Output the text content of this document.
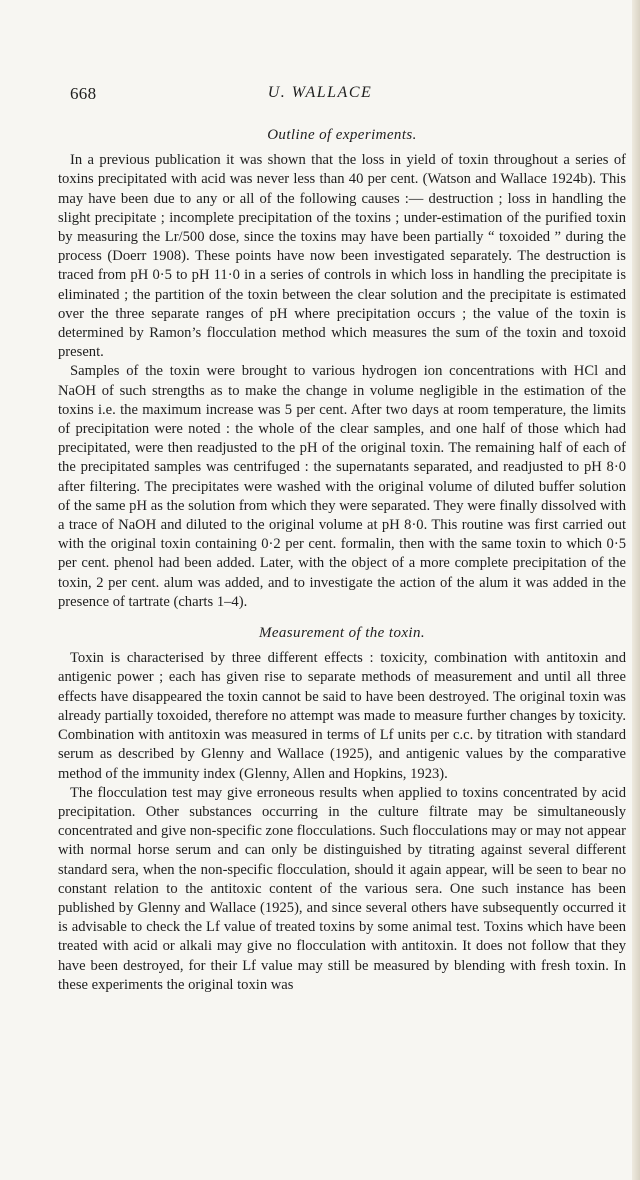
668	U. WALLACE
Outline of experiments.

In a previous publication it was shown that the loss in yield of toxin throughout a series of toxins precipitated with acid was never less than 40 per cent. (Watson and Wallace 1924b). This may have been due to any or all of the following causes :— destruction ; loss in handling the slight precipitate ; incomplete precipitation of the toxins ; under-estimation of the purified toxin by measuring the Lr/500 dose, since the toxins may have been partially “ toxoided ” during the process (Doerr 1908). These points have now been investigated separately. The destruction is traced from pH 0·5 to pH 11·0 in a series of controls in which loss in handling the precipitate is eliminated ; the partition of the toxin between the clear solution and the precipitate is estimated over the three separate ranges of pH where precipitation occurs ; the value of the toxin is determined by Ramon’s flocculation method which measures the sum of the toxin and toxoid present.

Samples of the toxin were brought to various hydrogen ion concentrations with HCl and NaOH of such strengths as to make the change in volume negligible in the estimation of the toxins i.e. the maximum increase was 5 per cent. After two days at room temperature, the limits of precipitation were noted : the whole of the clear samples, and one half of those which had precipitated, were then readjusted to the pH of the original toxin. The remaining half of each of the precipitated samples was centrifuged : the supernatants separated, and readjusted to pH 8·0 after filtering. The precipitates were washed with the original volume of diluted buffer solution of the same pH as the solution from which they were separated. They were finally dissolved with a trace of NaOH and diluted to the original volume at pH 8·0. This routine was first carried out with the original toxin containing 0·2 per cent. formalin, then with the same toxin to which 0·5 per cent. phenol had been added. Later, with the object of a more complete precipitation of the toxin, 2 per cent. alum was added, and to investigate the action of the alum it was added in the presence of tartrate (charts 1–4).

Measurement of the toxin.

Toxin is characterised by three different effects : toxicity, combination with antitoxin and antigenic power ; each has given rise to separate methods of measurement and until all three effects have disappeared the toxin cannot be said to have been destroyed. The original toxin was already partially toxoided, therefore no attempt was made to measure further changes by toxicity. Combination with antitoxin was measured in terms of Lf units per c.c. by titration with standard serum as described by Glenny and Wallace (1925), and antigenic values by the comparative method of the immunity index (Glenny, Allen and Hopkins, 1923).

The flocculation test may give erroneous results when applied to toxins concentrated by acid precipitation. Other substances occurring in the culture filtrate may be simultaneously concentrated and give non-specific zone flocculations. Such flocculations may or may not appear with normal horse serum and can only be distinguished by titrating against several different standard sera, when the non-specific flocculation, should it again appear, will be seen to bear no constant relation to the antitoxic content of the various sera. One such instance has been published by Glenny and Wallace (1925), and since several others have subsequently occurred it is advisable to check the Lf value of treated toxins by some animal test. Toxins which have been treated with acid or alkali may give no flocculation with antitoxin. It does not follow that they have been destroyed, for their Lf value may still be measured by blending with fresh toxin. In these experiments the original toxin was
